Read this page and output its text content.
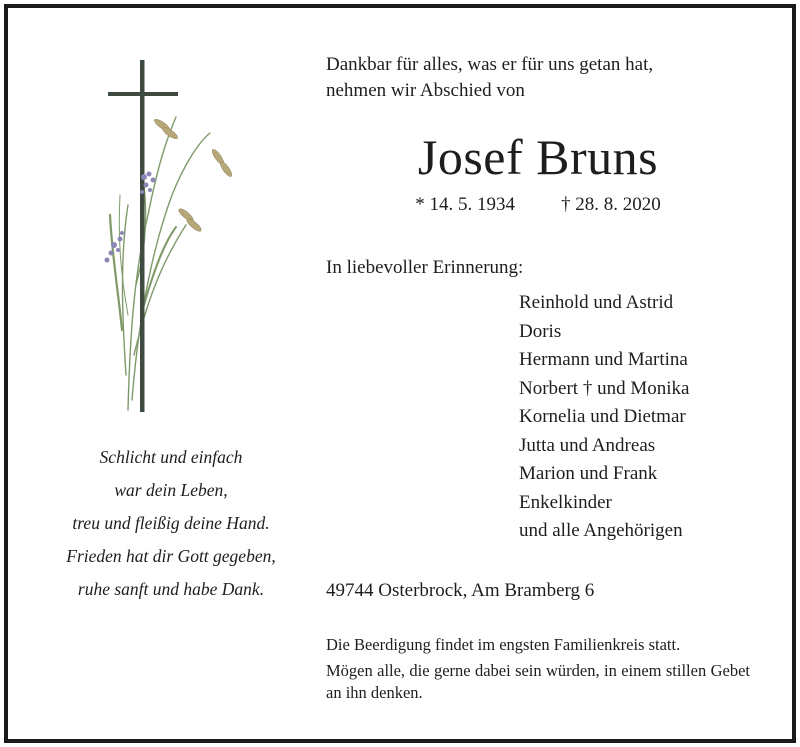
Schlicht und einfach
war dein Leben,
treu und fleißig deine Hand.
Frieden hat dir Gott gegeben,
ruhe sanft und habe Dank.
Dankbar für alles, was er für uns getan hat,
nehmen wir Abschied von
Josef Bruns
* 14. 5. 1934 † 28. 8. 2020
In liebevoller Erinnerung:
Reinhold und Astrid
Doris
Hermann und Martina
Norbert † und Monika
Kornelia und Dietmar
Jutta und Andreas
Marion und Frank
Enkelkinder
und alle Angehörigen
49744 Osterbrock, Am Bramberg 6
Die Beerdigung findet im engsten Familienkreis statt.
Mögen alle, die gerne dabei sein würden, in einem stillen Gebet an ihn denken.
